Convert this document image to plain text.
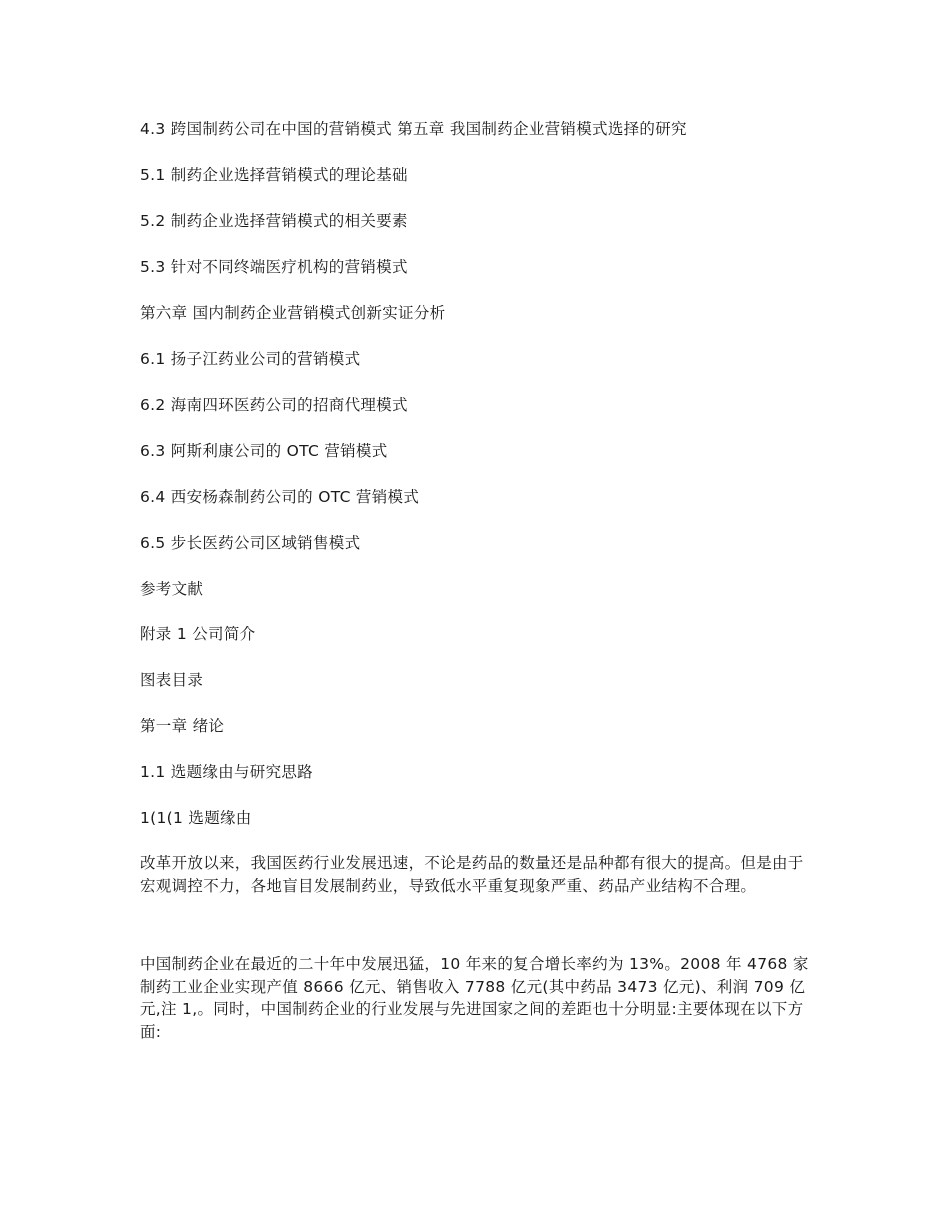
4.3 跨国制药公司在中国的营销模式 第五章 我国制药企业营销模式选择的研究
5.1 制药企业选择营销模式的理论基础
5.2 制药企业选择营销模式的相关要素
5.3 针对不同终端医疗机构的营销模式
第六章 国内制药企业营销模式创新实证分析
6.1 扬子江药业公司的营销模式
6.2 海南四环医药公司的招商代理模式
6.3 阿斯利康公司的 OTC 营销模式
6.4 西安杨森制药公司的 OTC 营销模式
6.5 步长医药公司区域销售模式
参考文献
附录 1 公司简介
图表目录
第一章 绪论
1.1 选题缘由与研究思路
1(1(1 选题缘由
改革开放以来，我国医药行业发展迅速，不论是药品的数量还是品种都有很大的提高。但是由于宏观调控不力，各地盲目发展制药业，导致低水平重复现象严重、药品产业结构不合理。
中国制药企业在最近的二十年中发展迅猛，10 年来的复合增长率约为 13%。2008 年 4768 家制药工业企业实现产值 8666 亿元、销售收入 7788 亿元(其中药品 3473 亿元)、利润 709 亿元,注 1,。同时，中国制药企业的行业发展与先进国家之间的差距也十分明显:主要体现在以下方面:
